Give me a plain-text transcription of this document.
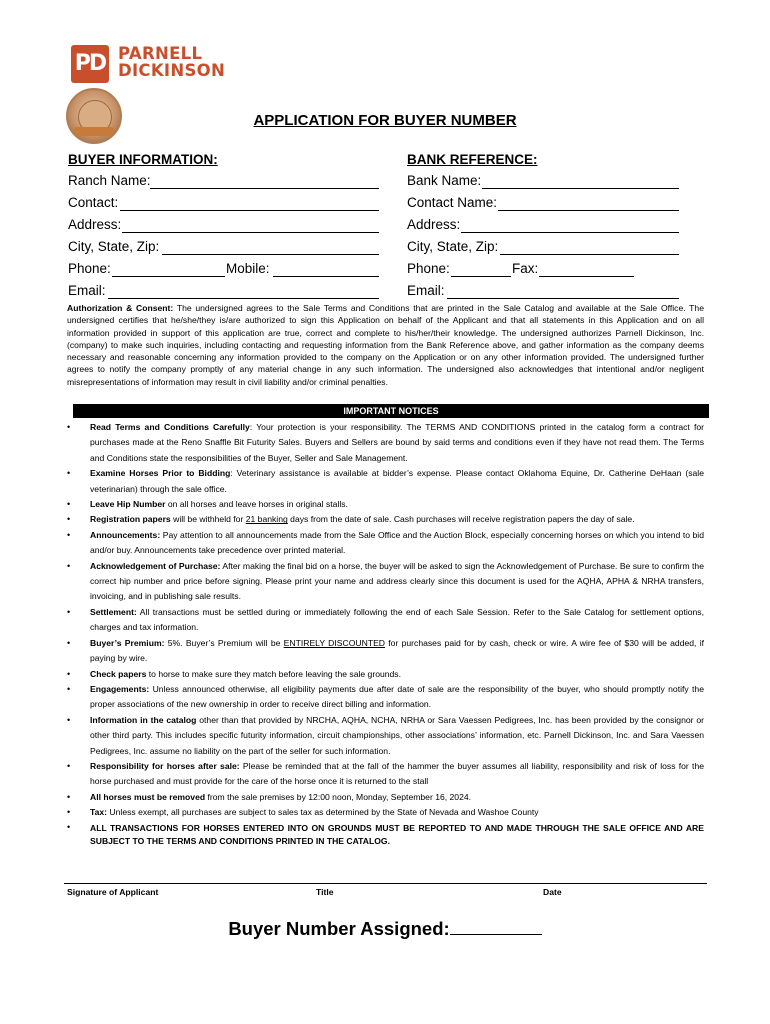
PD PARNELL
DICKINSON
APPLICATION FOR BUYER NUMBER
BUYER INFORMATION:
Ranch Name:
Contact:
Address:
City, State, Zip:
Phone:	Mobile:
Email:
BANK REFERENCE:
Bank Name:
Contact Name:
Address:
City, State, Zip:
Phone:	Fax:
Email:
Authorization & Consent: The undersigned agrees to the Sale Terms and Conditions that are printed in the Sale Catalog and available at the Sale Office. The undersigned certifies that he/she/they is/are authorized to sign this Application on behalf of the Applicant and that all statements in this Application and on all information provided in support of this application are true, correct and complete to his/her/their knowledge. The undersigned authorizes Parnell Dickinson, Inc. (company) to make such inquiries, including contacting and requesting information from the Bank Reference above, and gather information as the company deems necessary and reasonable concerning any information provided to the company on the Application or on any other information provided. The undersigned further agrees to notify the company promptly of any material change in any such information. The undersigned also acknowledges that intentional and/or negligent misrepresentations of information may result in civil liability and/or criminal penalties.
IMPORTANT NOTICES
• Read Terms and Conditions Carefully: Your protection is your responsibility. The TERMS AND CONDITIONS printed in the catalog form a contract for purchases made at the Reno Snaffle Bit Futurity Sales. Buyers and Sellers are bound by said terms and conditions even if they have not read them. The Terms and Conditions state the responsibilities of the Buyer, Seller and Sale Management.
• Examine Horses Prior to Bidding: Veterinary assistance is available at bidder’s expense. Please contact Oklahoma Equine, Dr. Catherine DeHaan (sale veterinarian) through the sale office.
• Leave Hip Number on all horses and leave horses in original stalls.
• Registration papers will be withheld for 21 banking days from the date of sale. Cash purchases will receive registration papers the day of sale.
• Announcements: Pay attention to all announcements made from the Sale Office and the Auction Block, especially concerning horses on which you intend to bid and/or buy. Announcements take precedence over printed material.
• Acknowledgement of Purchase: After making the final bid on a horse, the buyer will be asked to sign the Acknowledgement of Purchase. Be sure to confirm the correct hip number and price before signing. Please print your name and address clearly since this document is used for the AQHA, APHA & NRHA transfers, invoicing, and in publishing sale results.
• Settlement: All transactions must be settled during or immediately following the end of each Sale Session. Refer to the Sale Catalog for settlement options, charges and tax information.
• Buyer’s Premium: 5%. Buyer’s Premium will be ENTIRELY DISCOUNTED for purchases paid for by cash, check or wire. A wire fee of $30 will be added, if paying by wire.
• Check papers to horse to make sure they match before leaving the sale grounds.
• Engagements: Unless announced otherwise, all eligibility payments due after date of sale are the responsibility of the buyer, who should promptly notify the proper associations of the new ownership in order to receive direct billing and information.
• Information in the catalog other than that provided by NRCHA, AQHA, NCHA, NRHA or Sara Vaessen Pedigrees, Inc. has been provided by the consignor or other third party. This includes specific futurity information, circuit championships, other associations’ information, etc. Parnell Dickinson, Inc. and Sara Vaessen Pedigrees, Inc. assume no liability on the part of the seller for such information.
• Responsibility for horses after sale: Please be reminded that at the fall of the hammer the buyer assumes all liability, responsibility and risk of loss for the horse purchased and must provide for the care of the horse once it is returned to the stall
• All horses must be removed from the sale premises by 12:00 noon, Monday, September 16, 2024.
• Tax: Unless exempt, all purchases are subject to sales tax as determined by the State of Nevada and Washoe County
• ALL TRANSACTIONS FOR HORSES ENTERED INTO ON GROUNDS MUST BE REPORTED TO AND MADE THROUGH THE SALE OFFICE AND ARE SUBJECT TO THE TERMS AND CONDITIONS PRINTED IN THE CATALOG.
Signature of Applicant	Title	Date
Buyer Number Assigned:
